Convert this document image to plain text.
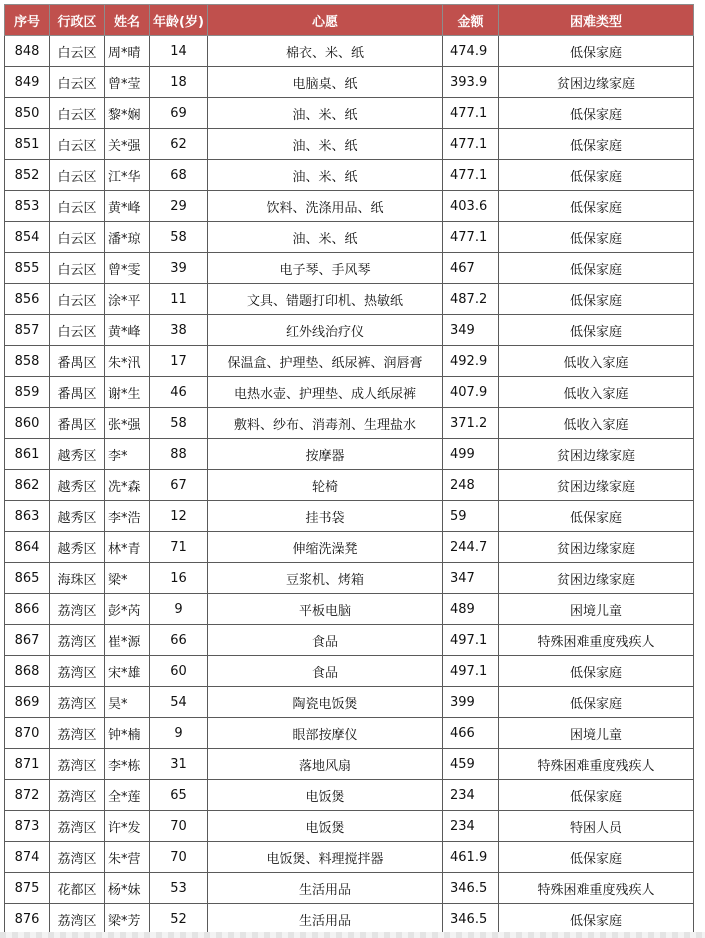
序号	行政区	姓名	年龄(岁)	心愿	金额	困难类型
848	白云区	周*晴	14	棉衣、米、纸	474.9	低保家庭
849	白云区	曾*莹	18	电脑桌、纸	393.9	贫困边缘家庭
850	白云区	黎*娴	69	油、米、纸	477.1	低保家庭
851	白云区	关*强	62	油、米、纸	477.1	低保家庭
852	白云区	江*华	68	油、米、纸	477.1	低保家庭
853	白云区	黄*峰	29	饮料、洗涤用品、纸	403.6	低保家庭
854	白云区	潘*琼	58	油、米、纸	477.1	低保家庭
855	白云区	曾*雯	39	电子琴、手风琴	467	低保家庭
856	白云区	涂*平	11	文具、错题打印机、热敏纸	487.2	低保家庭
857	白云区	黄*峰	38	红外线治疗仪	349	低保家庭
858	番禺区	朱*汛	17	保温盒、护理垫、纸尿裤、润唇膏	492.9	低收入家庭
859	番禺区	谢*生	46	电热水壶、护理垫、成人纸尿裤	407.9	低收入家庭
860	番禺区	张*强	58	敷料、纱布、消毒剂、生理盐水	371.2	低收入家庭
861	越秀区	李*	88	按摩器	499	贫困边缘家庭
862	越秀区	冼*森	67	轮椅	248	贫困边缘家庭
863	越秀区	李*浩	12	挂书袋	59	低保家庭
864	越秀区	林*青	71	伸缩洗澡凳	244.7	贫困边缘家庭
865	海珠区	梁*	16	豆浆机、烤箱	347	贫困边缘家庭
866	荔湾区	彭*芮	9	平板电脑	489	困境儿童
867	荔湾区	崔*源	66	食品	497.1	特殊困难重度残疾人
868	荔湾区	宋*雄	60	食品	497.1	低保家庭
869	荔湾区	昊*	54	陶瓷电饭煲	399	低保家庭
870	荔湾区	钟*楠	9	眼部按摩仪	466	困境儿童
871	荔湾区	李*栋	31	落地风扇	459	特殊困难重度残疾人
872	荔湾区	全*莲	65	电饭煲	234	低保家庭
873	荔湾区	许*发	70	电饭煲	234	特困人员
874	荔湾区	朱*营	70	电饭煲、料理搅拌器	461.9	低保家庭
875	花都区	杨*妹	53	生活用品	346.5	特殊困难重度残疾人
876	荔湾区	梁*芳	52	生活用品	346.5	低保家庭
